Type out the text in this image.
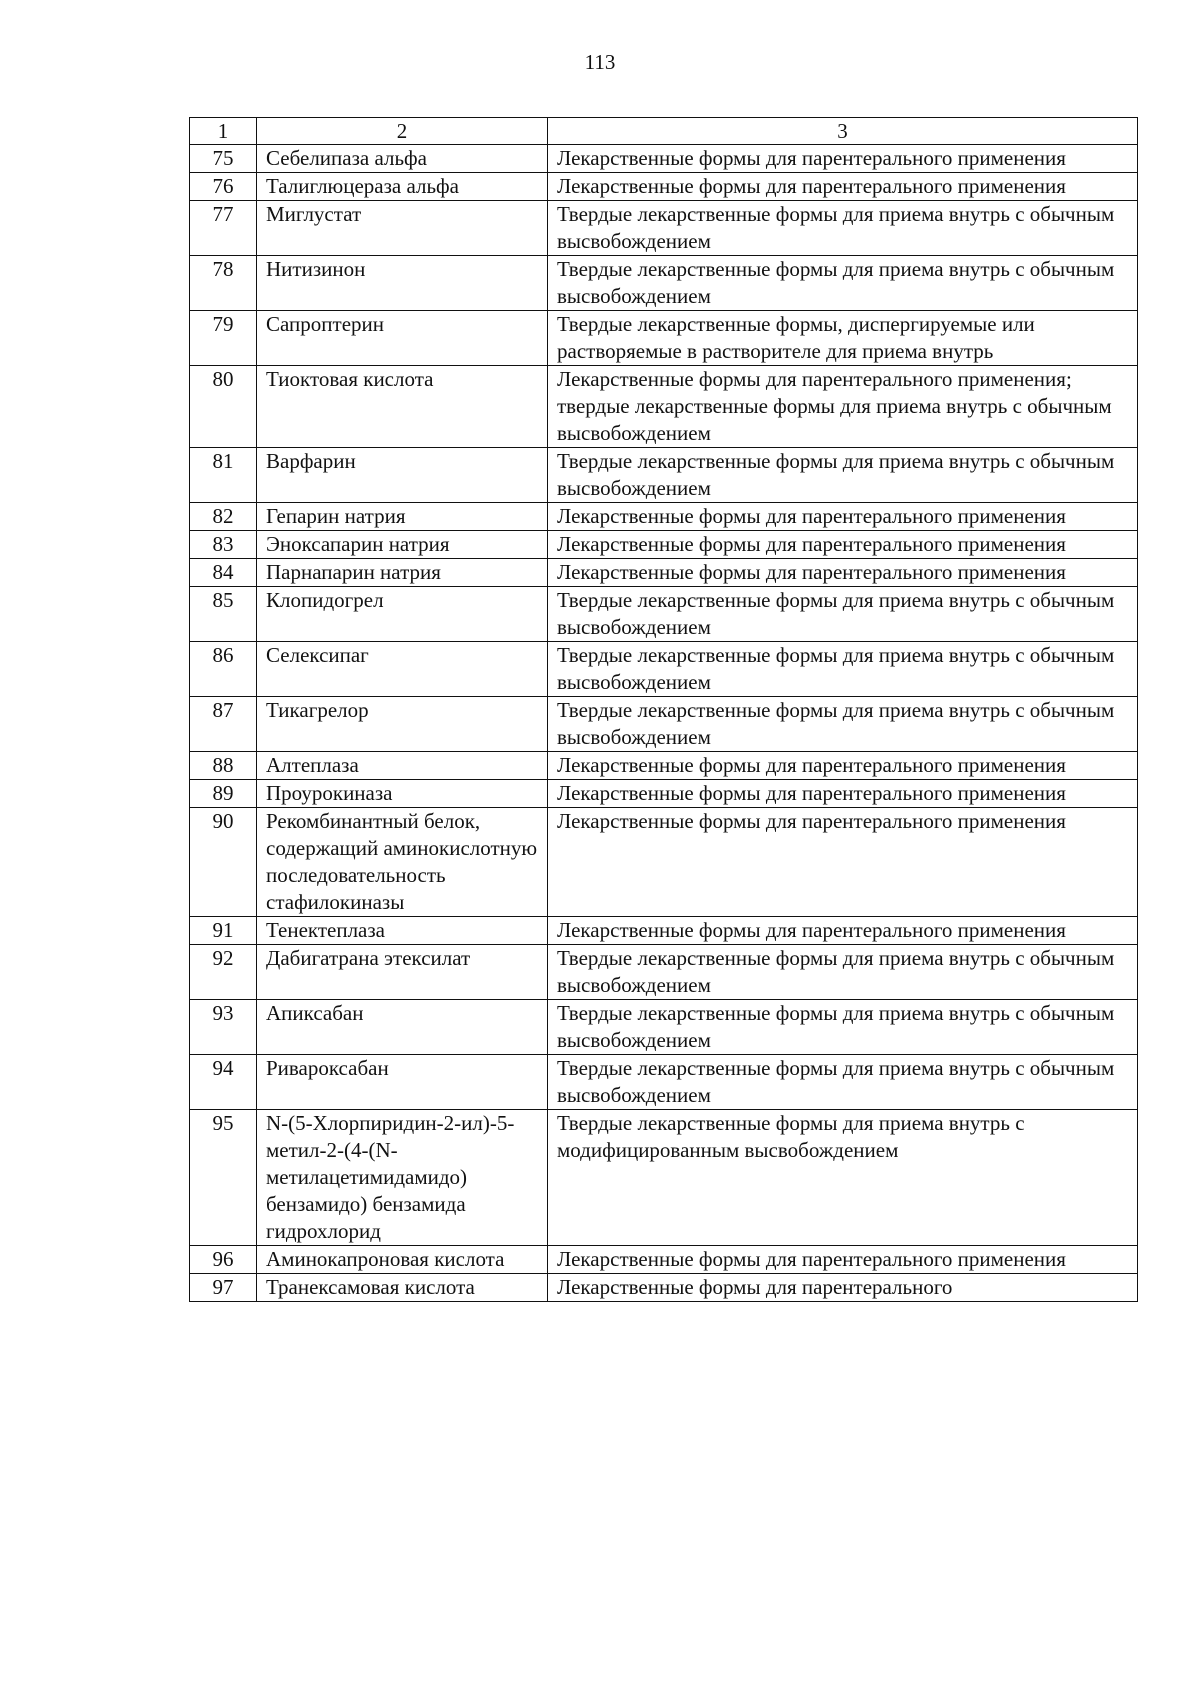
113
1	2	3
75	Себелипаза альфа	Лекарственные формы для парентерального применения

76	Талиглюцераза альфа	Лекарственные формы для парентерального применения

77	Миглустат	Твердые лекарственные формы для приема внутрь с обычным высвобождением

78	Нитизинон	Твердые лекарственные формы для приема внутрь с обычным высвобождением

79	Сапроптерин	Твердые лекарственные формы, диспергируемые или растворяемые в растворителе для приема внутрь

80	Тиоктовая кислота	Лекарственные формы для парентерального применения;
твердые лекарственные формы для приема внутрь с обычным высвобождением

81	Варфарин	Твердые лекарственные формы для приема внутрь с обычным высвобождением

82	Гепарин натрия	Лекарственные формы для парентерального применения

83	Эноксапарин натрия	Лекарственные формы для парентерального применения

84	Парнапарин натрия	Лекарственные формы для парентерального применения

85	Клопидогрел	Твердые лекарственные формы для приема внутрь с обычным высвобождением

86	Селексипаг	Твердые лекарственные формы для приема внутрь с обычным высвобождением

87	Тикагрелор	Твердые лекарственные формы для приема внутрь с обычным высвобождением

88	Алтеплаза	Лекарственные формы для парентерального применения

89	Проурокиназа	Лекарственные формы для парентерального применения

90	Рекомбинантный белок, содержащий аминокислотную последовательность стафилокиназы	Лекарственные формы для парентерального применения

91	Тенектеплаза	Лекарственные формы для парентерального применения

92	Дабигатрана этексилат	Твердые лекарственные формы для приема внутрь с обычным высвобождением

93	Апиксабан	Твердые лекарственные формы для приема внутрь с обычным высвобождением

94	Ривароксабан	Твердые лекарственные формы для приема внутрь с обычным высвобождением

95	N-(5-Хлорпиридин-2-ил)-5-метил-2-(4-(N-метилацетимидамидо) бензамидо) бензамида гидрохлорид	Твердые лекарственные формы для приема внутрь с модифицированным высвобождением

96	Аминокапроновая кислота	Лекарственные формы для парентерального применения

97	Транексамовая кислота	Лекарственные формы для парентерального
